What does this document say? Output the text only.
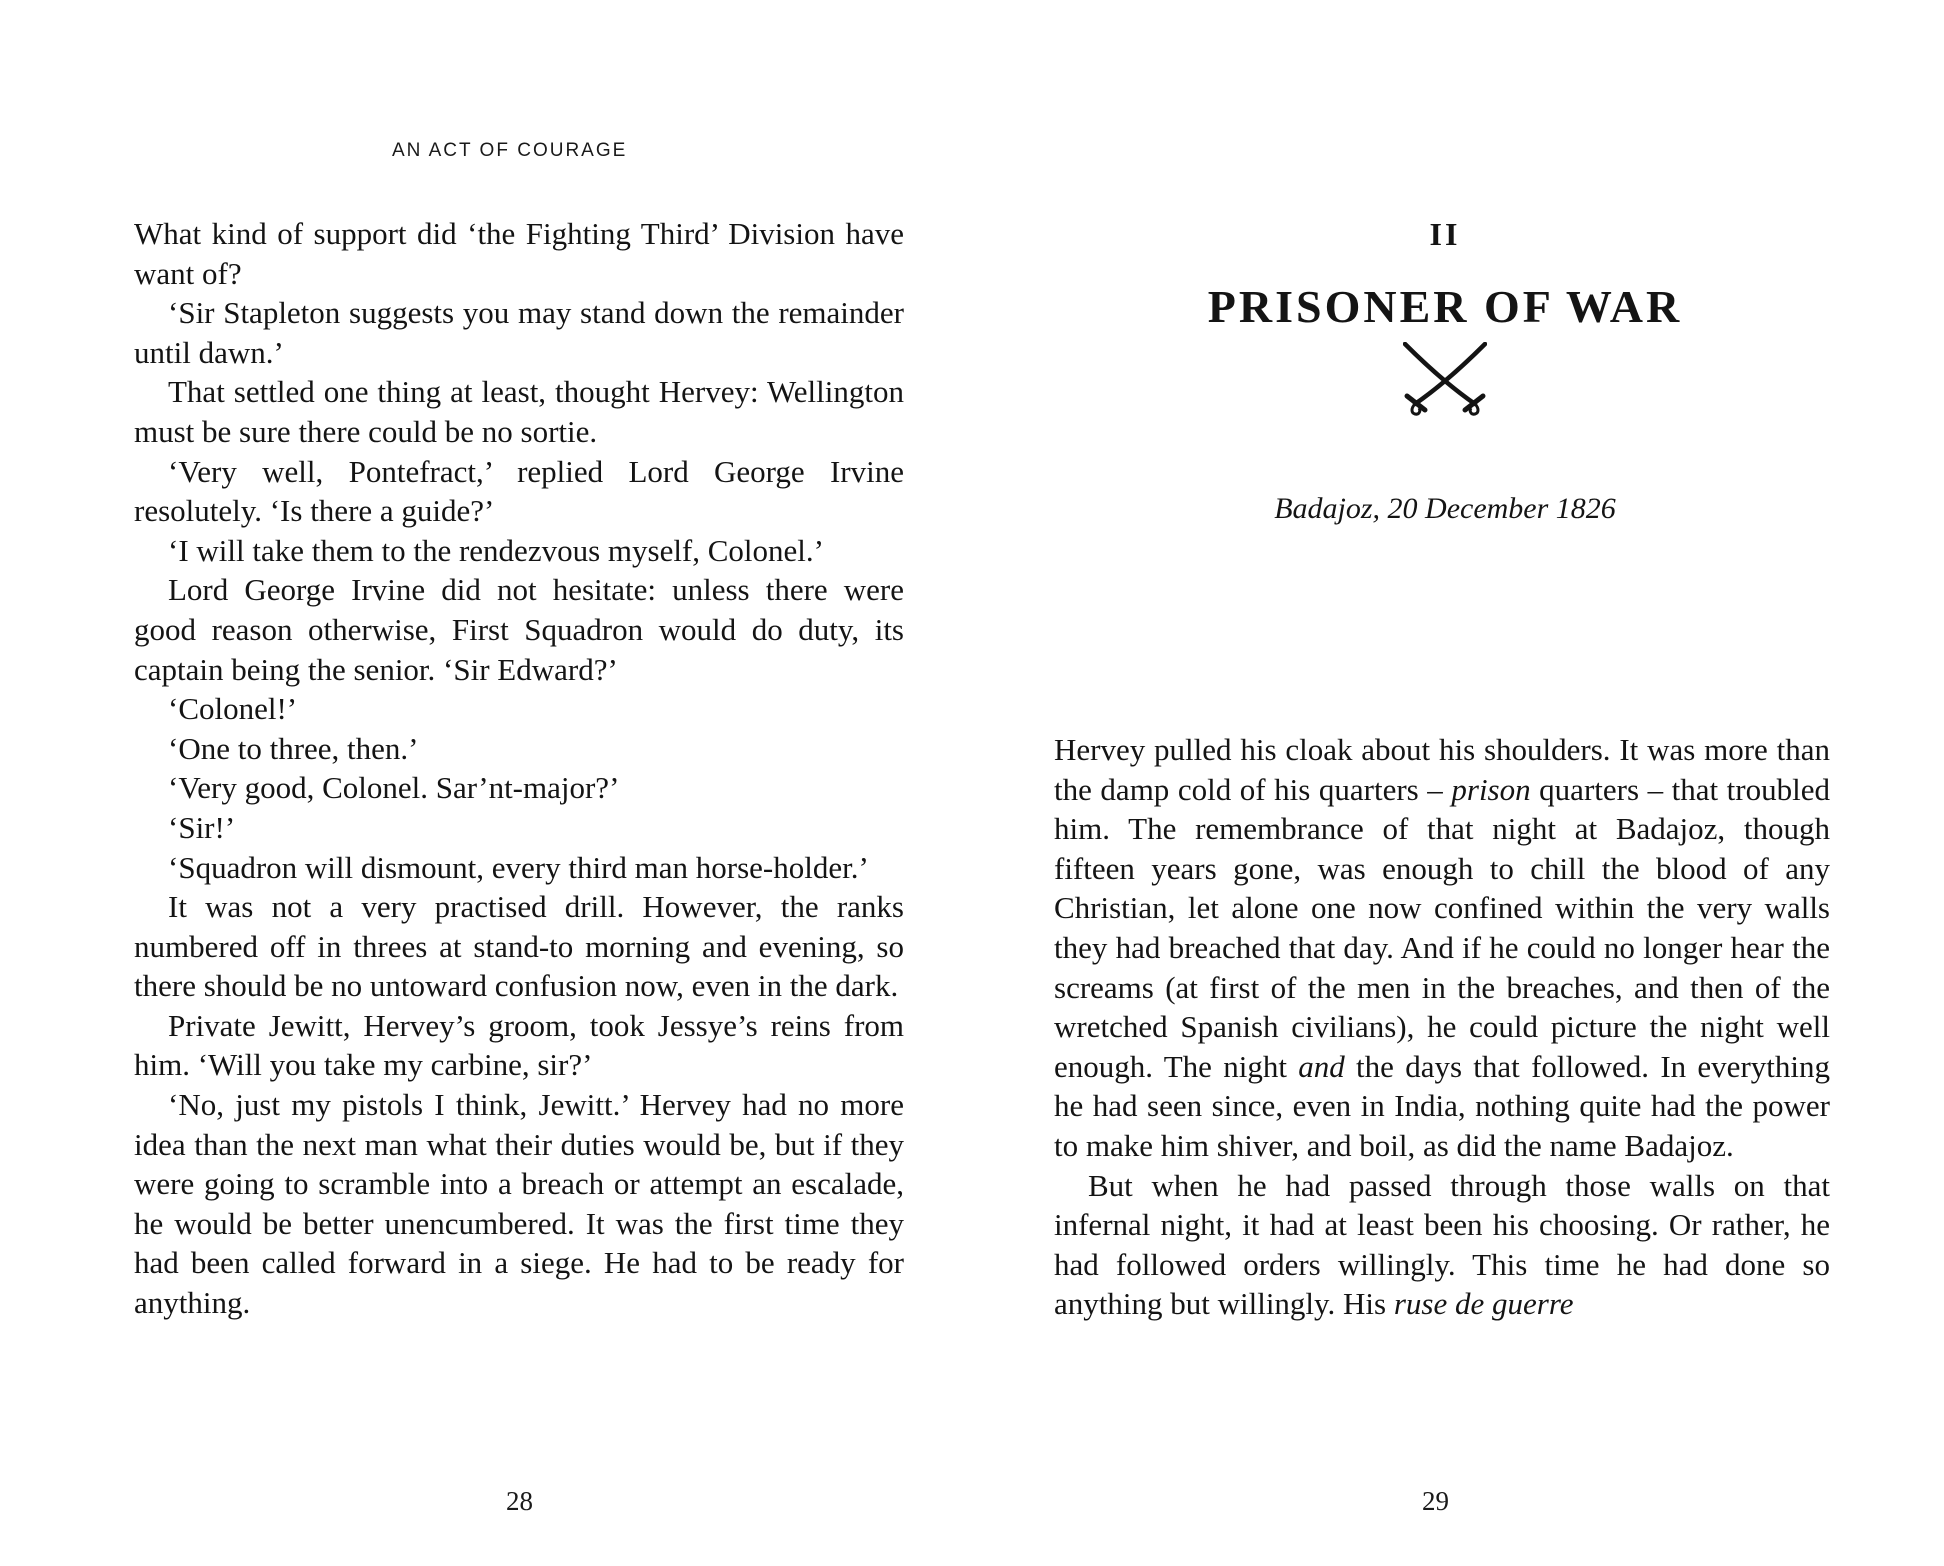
AN ACT OF COURAGE

What kind of support did ‘the Fighting Third’ Division have want of?

‘Sir Stapleton suggests you may stand down the remainder until dawn.’

That settled one thing at least, thought Hervey: Wellington must be sure there could be no sortie.

‘Very well, Pontefract,’ replied Lord George Irvine resolutely. ‘Is there a guide?’

‘I will take them to the rendezvous myself, Colonel.’

Lord George Irvine did not hesitate: unless there were good reason otherwise, First Squadron would do duty, its captain being the senior. ‘Sir Edward?’

‘Colonel!’

‘One to three, then.’

‘Very good, Colonel. Sar’nt-major?’

‘Sir!’

‘Squadron will dismount, every third man horse-holder.’

It was not a very practised drill. However, the ranks numbered off in threes at stand-to morning and evening, so there should be no untoward confusion now, even in the dark.

Private Jewitt, Hervey’s groom, took Jessye’s reins from him. ‘Will you take my carbine, sir?’

‘No, just my pistols I think, Jewitt.’ Hervey had no more idea than the next man what their duties would be, but if they were going to scramble into a breach or attempt an escalade, he would be better unencumbered. It was the first time they had been called forward in a siege. He had to be ready for anything.

28
II
PRISONER OF WAR
Badajoz, 20 December 1826

Hervey pulled his cloak about his shoulders. It was more than the damp cold of his quarters – prison quarters – that troubled him. The remembrance of that night at Badajoz, though fifteen years gone, was enough to chill the blood of any Christian, let alone one now confined within the very walls they had breached that day. And if he could no longer hear the screams (at first of the men in the breaches, and then of the wretched Spanish civilians), he could picture the night well enough. The night and the days that followed. In everything he had seen since, even in India, nothing quite had the power to make him shiver, and boil, as did the name Badajoz.

But when he had passed through those walls on that infernal night, it had at least been his choosing. Or rather, he had followed orders willingly. This time he had done so anything but willingly. His ruse de guerre

29
